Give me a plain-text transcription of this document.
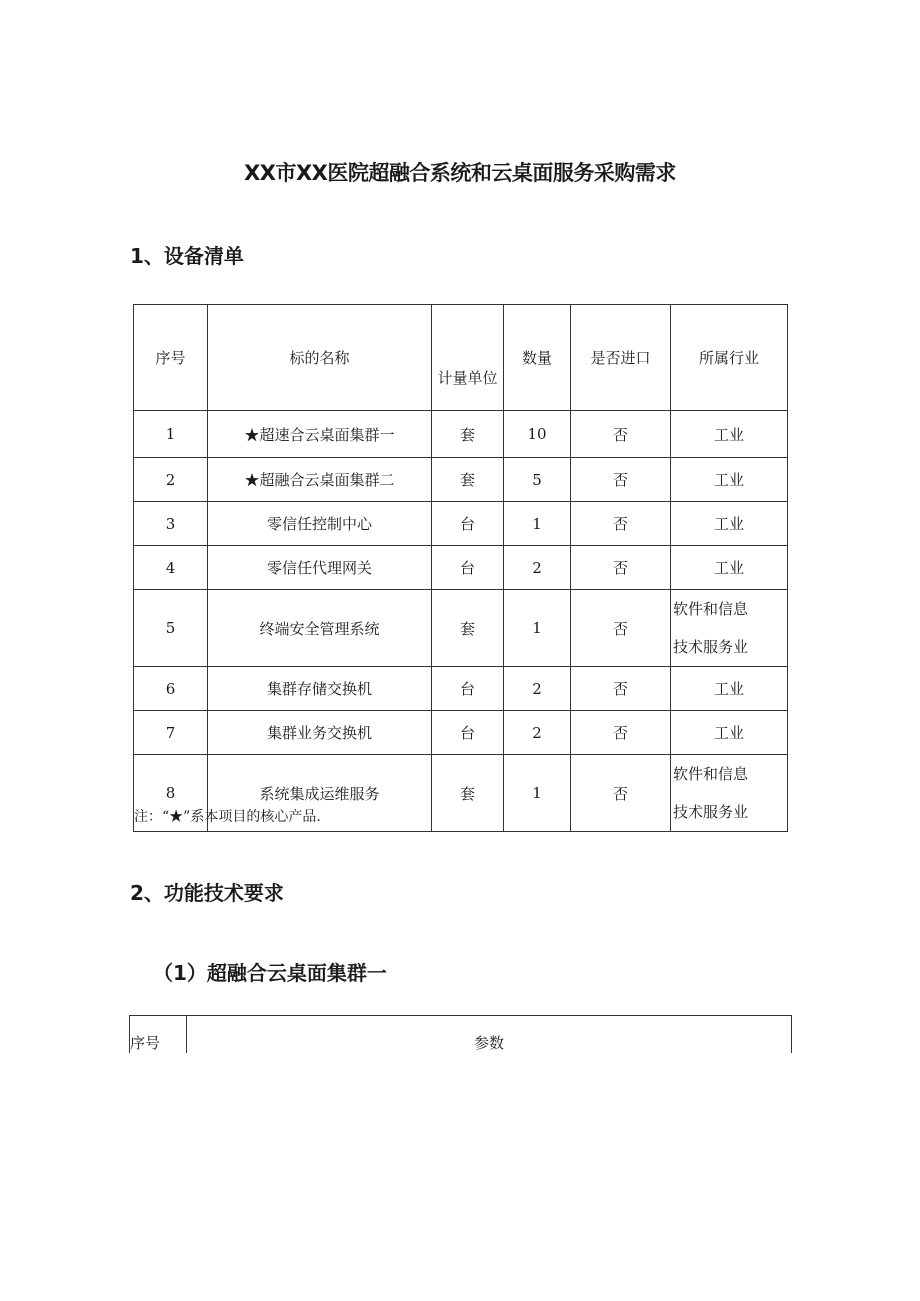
XX市XX医院超融合系统和云桌面服务采购需求
1、设备清单
序号	标的名称	计量单位	数量	是否进口	所属行业
1	★超速合云桌面集群一	套	10	否	工业
2	★超融合云桌面集群二	套	5	否	工业
3	零信任控制中心	台	1	否	工业
4	零信任代理网关	台	2	否	工业
5	终端安全管理系统	套	1	否	软件和信息
技术服务业

6	集群存储交换机	台	2	否	工业
7	集群业务交换机	台	2	否	工业
8	系统集成运维服务	套	1	否	软件和信息
技术服务业
注：“★”系本项目的核心产品.
2、功能技术要求
（1）超融合云桌面集群一
序号	参数
